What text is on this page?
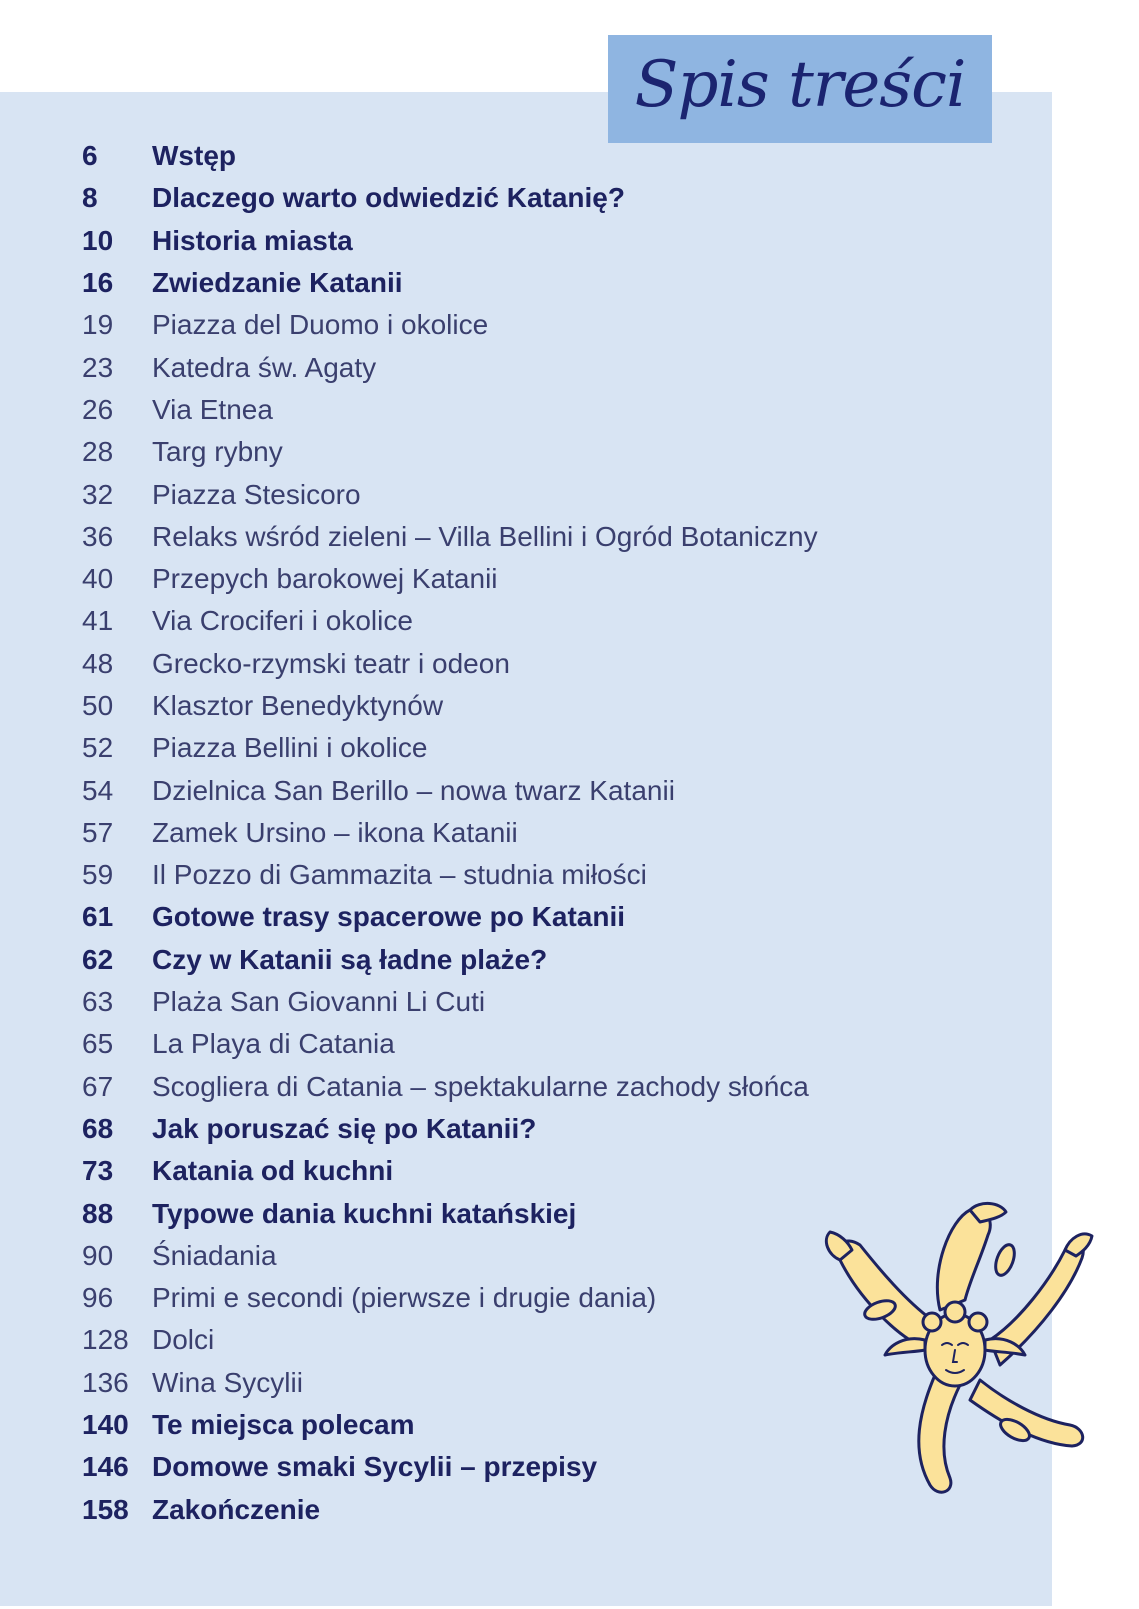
Spis treści
6	Wstęp
8	Dlaczego warto odwiedzić Katanię?
10	Historia miasta
16	Zwiedzanie Katanii
19	Piazza del Duomo i okolice
23	Katedra św. Agaty
26	Via Etnea
28	Targ rybny
32	Piazza Stesicoro
36	Relaks wśród zieleni – Villa Bellini i Ogród Botaniczny
40	Przepych barokowej Katanii
41	Via Crociferi i okolice
48	Grecko-rzymski teatr i odeon
50	Klasztor Benedyktynów
52	Piazza Bellini i okolice
54	Dzielnica San Berillo – nowa twarz Katanii
57	Zamek Ursino – ikona Katanii
59	Il Pozzo di Gammazita – studnia miłości
61	Gotowe trasy spacerowe po Katanii
62	Czy w Katanii są ładne plaże?
63	Plaża San Giovanni Li Cuti
65	La Playa di Catania
67	Scogliera di Catania – spektakularne zachody słońca
68	Jak poruszać się po Katanii?
73	Katania od kuchni
88	Typowe dania kuchni katańskiej
90	Śniadania
96	Primi e secondi (pierwsze i drugie dania)
128 Dolci
136 Wina Sycylii
140 Te miejsca polecam
146 Domowe smaki Sycylii – przepisy
158 Zakończenie
